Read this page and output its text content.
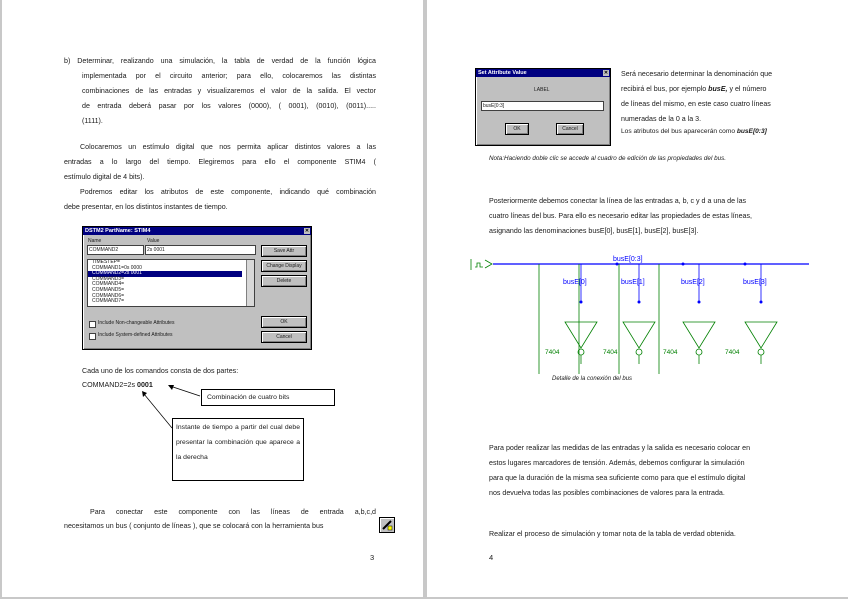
b) Determinar, realizando una simulación, la tabla de verdad de la función lógica

implementada por el circuito anterior; para ello, colocaremos las distintas

combinaciones de las entradas y visualizaremos el valor de la salida. El vector

de entrada deberá pasar por los valores (0000), ( 0001), (0010), (0011).....

(1111).

Colocaremos un estímulo digital que nos permita aplicar distintos valores a las

entradas a lo largo del tiempo. Elegiremos para ello el componente STIM4 (

estímulo digital de 4 bits).

Podremos editar los atributos de este componente, indicando qué combinación

debe presentar, en los distintos instantes de tiempo.

DSTM2 PartName: STIM4	✕
Name	Value
COMMAND2	2s 0001
TIMESTEP=
COMMAND1=0s 0000
COMMAND2=2s 0001
COMMAND3=
COMMAND4=
COMMAND5=
COMMAND6=
COMMAND7=
Save Attr
Change Display
Delete
OK
Cancel
Include Non-changeable Attributes
Include System-defined Attributes

Cada uno de los comandos consta de dos partes:

COMMAND2=2s 0001

Combinación de cuatro bits
Instante de tiempo a partir del cual debe presentar la combinación que aparece a la derecha

Para conectar este componente con las líneas de entrada a,b,c,d

necesitamos un bus ( conjunto de líneas ), que se colocará con la herramienta bus

3
Set Attribute Value	✕
LABEL
busE[0:3]
OK	Cancel

Será necesario determinar la denominación que

recibirá el bus, por ejemplo busE, y el número

de líneas del mismo, en este caso cuatro líneas

numeradas de la 0 a la 3.

Los atributos del bus aparecerán como busE[0:3]

Nota:Haciendo doble clic se accede al cuadro de edición de las propiedades del bus.

Posteriormente debemos conectar la línea de las entradas a, b, c y d a una de las

cuatro líneas del bus. Para ello es necesario editar las propiedades de estas líneas,

asignando las denominaciones busE[0], busE[1], busE[2], busE[3].

busE[0:3]
busE[0]
7404
busE[1]
7404
busE[2]
7404
busE[3]
7404
Detalle de la conexión del bus

Para poder realizar las medidas de las entradas y la salida es necesario colocar en

estos lugares marcadores de tensión. Además, debemos configurar la simulación

para que la duración de la misma sea suficiente como para que el estímulo digital

nos devuelva todas las posibles combinaciones de valores para la entrada.

Realizar el proceso de simulación y tomar nota de la tabla de verdad obtenida.

4
